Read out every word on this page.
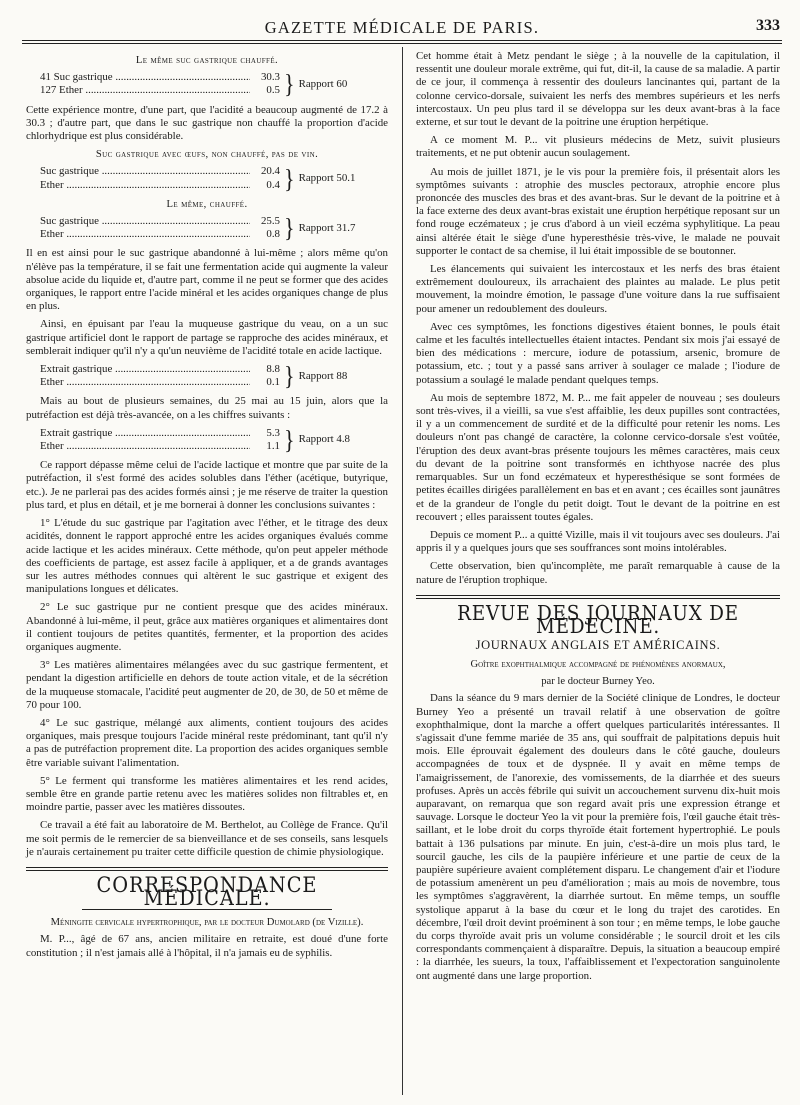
GAZETTE MÉDICALE DE PARIS.	333
Le même suc gastrique chauffé.
41 Suc gastrique .....	30.3
127 Ether .....	0.5 } Rapport 60

Cette expérience montre, d'une part, que l'acidité a beaucoup augmenté de 17.2 à 30.3 ; d'autre part, que dans le suc gastrique non chauffé la proportion d'acide chlorhydrique est plus considérable.

Suc gastrique avec œufs, non chauffé, pas de vin.
Suc gastrique .....	20.4
Ether .....	0.4 } Rapport 50.1
Le même, chauffé.
Suc gastrique .....	25.5
Ether .....	0.8 } Rapport 31.7

Il en est ainsi pour le suc gastrique abandonné à lui-même ; alors même qu'on n'élève pas la température, il se fait une fermentation acide qui augmente la valeur absolue acide du liquide et, d'autre part, comme il ne peut se former que des acides organiques, le rapport entre l'acide minéral et les acides organiques change de plus en plus.

Ainsi, en épuisant par l'eau la muqueuse gastrique du veau, on a un suc gastrique artificiel dont le rapport de partage se rapproche des acides minéraux, et semblerait indiquer qu'il n'y a qu'un neuvième de l'acidité totale en acide lactique.

Extrait gastrique .....	8.8
Ether .....	0.1 } Rapport 88

Mais au bout de plusieurs semaines, du 25 mai au 15 juin, alors que la putréfaction est déjà très-avancée, on a les chiffres suivants :

Extrait gastrique .....	5.3
Ether .....	1.1 } Rapport 4.8

Ce rapport dépasse même celui de l'acide lactique et montre que par suite de la putréfaction, il s'est formé des acides solubles dans l'éther (acétique, butyrique, etc.). Je ne parlerai pas des acides formés ainsi ; je me réserve de traiter la question plus tard, et plus en détail, et je me bornerai à donner les conclusions suivantes :

1° L'étude du suc gastrique par l'agitation avec l'éther, et le titrage des deux acidités, donnent le rapport approché entre les acides organiques évalués comme acide lactique et les acides minéraux. Cette méthode, qu'on peut appeler méthode des coefficients de partage, est assez facile à appliquer, et a de grands avantages sur les autres méthodes connues qui altèrent le suc gastrique et exigent des manipulations longues et délicates.

2° Le suc gastrique pur ne contient presque que des acides minéraux. Abandonné à lui-même, il peut, grâce aux matières organiques et alimentaires dont il contient toujours de petites quantités, fermenter, et la proportion des acides organiques augmente.

3° Les matières alimentaires mélangées avec du suc gastrique fermentent, et pendant la digestion artificielle en dehors de toute action vitale, et de la sécrétion de la muqueuse stomacale, l'acidité peut augmenter de 20, de 30, de 50 et même de 70 pour 100.

4° Le suc gastrique, mélangé aux aliments, contient toujours des acides organiques, mais presque toujours l'acide minéral reste prédominant, tant qu'il n'y a pas de putréfaction proprement dite. La proportion des acides organiques semble être variable suivant l'alimentation.

5° Le ferment qui transforme les matières alimentaires et les rend acides, semble être en grande partie retenu avec les matières solides non filtrables et, en moindre partie, passer avec les matières dissoutes.

Ce travail a été fait au laboratoire de M. Berthelot, au Collège de France. Qu'il me soit permis de le remercier de sa bienveillance et de ses conseils, sans lesquels je n'aurais certainement pu traiter cette difficile question de chimie physiologique.

CORRESPONDANCE MÉDICALE.
Méningite cervicale hypertrophique, par le docteur Dumolard (de Vizille).

M. P..., âgé de 67 ans, ancien militaire en retraite, est doué d'une forte constitution ; il n'est jamais allé à l'hôpital, il n'a jamais eu de syphilis.

Cet homme était à Metz pendant le siège ; à la nouvelle de la capitulation, il ressentit une douleur morale extrême, qui fut, dit-il, la cause de sa maladie. A partir de ce jour, il commença à ressentir des douleurs lancinantes qui, partant de la colonne cervico-dorsale, suivaient les nerfs des membres supérieurs et les nerfs intercostaux. Un peu plus tard il se développa sur les deux avant-bras à la face externe, et sur tout le devant de la poitrine une éruption herpétique.

A ce moment M. P... vit plusieurs médecins de Metz, suivit plusieurs traitements, et ne put obtenir aucun soulagement.

Au mois de juillet 1871, je le vis pour la première fois, il présentait alors les symptômes suivants : atrophie des muscles pectoraux, atrophie encore plus prononcée des muscles des bras et des avant-bras. Sur le devant de la poitrine et à la face externe des deux avant-bras existait une éruption herpétique reposant sur un fond rouge eczémateux ; je crus d'abord à un vieil eczéma syphylitique. La peau ainsi altérée était le siège d'une hyperesthésie très-vive, le malade ne pouvait supporter le contact de sa chemise, il lui était impossible de se boutonner.

Les élancements qui suivaient les intercostaux et les nerfs des bras étaient extrêmement douloureux, ils arrachaient des plaintes au malade. Le plus petit mouvement, la moindre émotion, le passage d'une voiture dans la rue suffisaient pour amener un redoublement des douleurs.

Avec ces symptômes, les fonctions digestives étaient bonnes, le pouls était calme et les facultés intellectuelles étaient intactes. Pendant six mois j'ai essayé de bien des médications : mercure, iodure de potassium, arsenic, bromure de potassium, etc. ; tout y a passé sans arriver à soulager ce malade ; l'iodure de potassium a soulagé le malade pendant quelques temps.

Au mois de septembre 1872, M. P... me fait appeler de nouveau ; ses douleurs sont très-vives, il a vieilli, sa vue s'est affaiblie, les deux pupilles sont contractées, il y a un commencement de surdité et de la difficulté pour retenir les noms. Les douleurs n'ont pas changé de caractère, la colonne cervico-dorsale s'est voûtée, l'éruption des deux avant-bras présente toujours les mêmes caractères, mais ceux du devant de la poitrine sont transformés en ichthyose nacrée des plus remarquables. Sur un fond eczémateux et hyperesthésique se sont formées de petites écailles dirigées parallèlement en bas et en avant ; ces écailles sont jaunâtres et de la grandeur de l'ongle du petit doigt. Tout le devant de la poitrine en est recouvert ; elles paraissent toutes égales.

Depuis ce moment P... a quitté Vizille, mais il vit toujours avec ses douleurs. J'ai appris il y a quelques jours que ses souffrances sont moins intolérables.

Cette observation, bien qu'incomplète, me paraît remarquable à cause de la nature de l'éruption trophique.

REVUE DES JOURNAUX DE MÉDECINE.
JOURNAUX ANGLAIS ET AMÉRICAINS.
Goître exophthalmique accompagné de phénomènes anormaux,
par le docteur Burney Yeo.

Dans la séance du 9 mars dernier de la Société clinique de Londres, le docteur Burney Yeo a présenté un travail relatif à une observation de goître exophthalmique, dont la marche a offert quelques particularités intéressantes. Il s'agissait d'une femme mariée de 35 ans, qui souffrait de palpitations depuis huit mois. Elle éprouvait également des douleurs dans le côté gauche, douleurs accompagnées de toux et de dyspnée. Il y avait en même temps de l'amaigrissement, de l'anorexie, des vomissements, de la diarrhée et des sueurs profuses. Après un accès fébrile qui suivit un accouchement survenu dix-huit mois auparavant, on remarqua que son regard avait pris une expression étrange et sauvage. Lorsque le docteur Yeo la vit pour la première fois, l'œil gauche était très-saillant, et le lobe droit du corps thyroïde était fortement hypertrophié. Le pouls battait à 136 pulsations par minute. En juin, c'est-à-dire un mois plus tard, le sourcil gauche, les cils de la paupière inférieure et une partie de ceux de la paupière supérieure avaient complétement disparu. Le changement d'air et l'iodure de potassium amenèrent un peu d'amélioration ; mais au mois de novembre, tous les symptômes s'aggravèrent, la diarrhée surtout. En même temps, un souffle systolique apparut à la base du cœur et le long du trajet des carotides. En décembre, l'œil droit devint proéminent à son tour ; en même temps, le lobe gauche du corps thyroïde avait pris un volume considérable ; le sourcil droit et les cils correspondants commençaient à disparaître. Depuis, la situation a beaucoup empiré : la diarrhée, les sueurs, la toux, l'affaiblissement et l'expectoration sanguinolente ont augmenté dans une large proportion.
